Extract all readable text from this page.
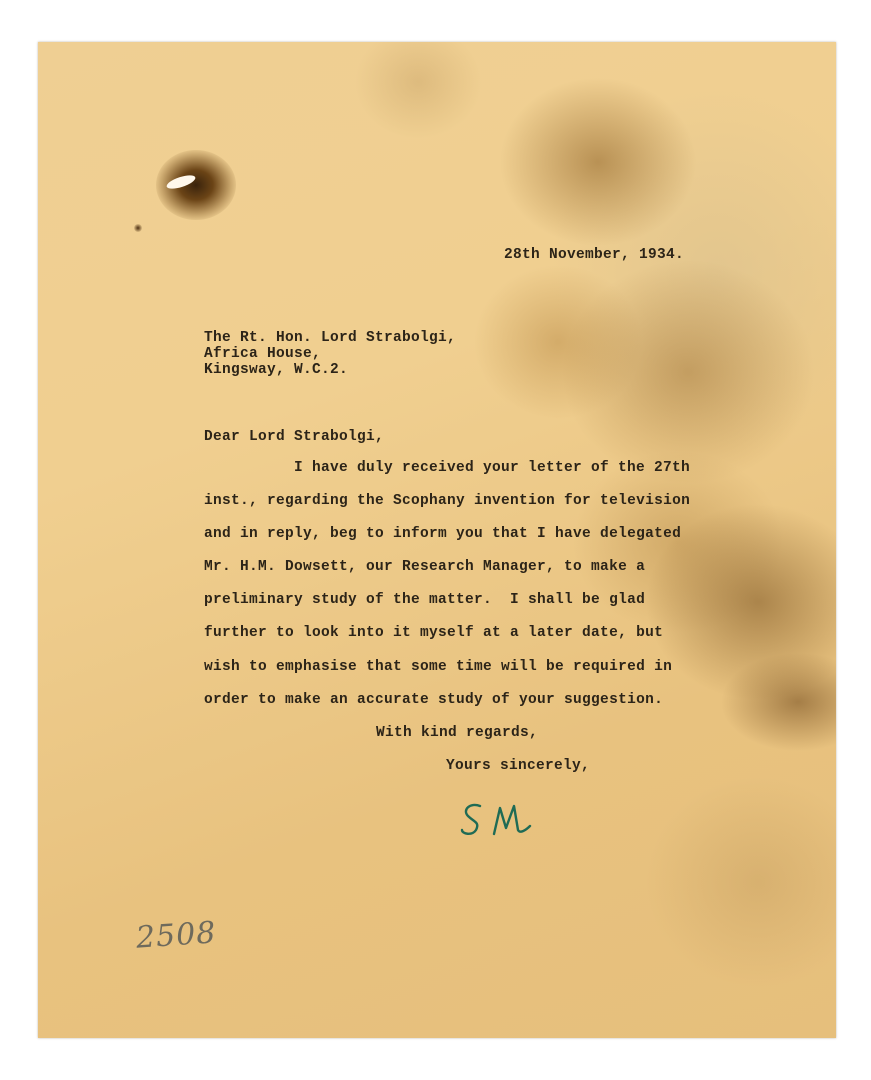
28th November, 1934.

The Rt. Hon. Lord Strabolgi,

Africa House,

Kingsway, W.C.2.

Dear Lord Strabolgi,

I have duly received your letter of the 27th

inst., regarding the Scophany invention for television

and in reply, beg to inform you that I have delegated

Mr. H.M. Dowsett, our Research Manager, to make a

preliminary study of the matter.  I shall be glad

further to look into it myself at a later date, but

wish to emphasise that some time will be required in

order to make an accurate study of your suggestion.

With kind regards,

Yours sincerely,

2508
